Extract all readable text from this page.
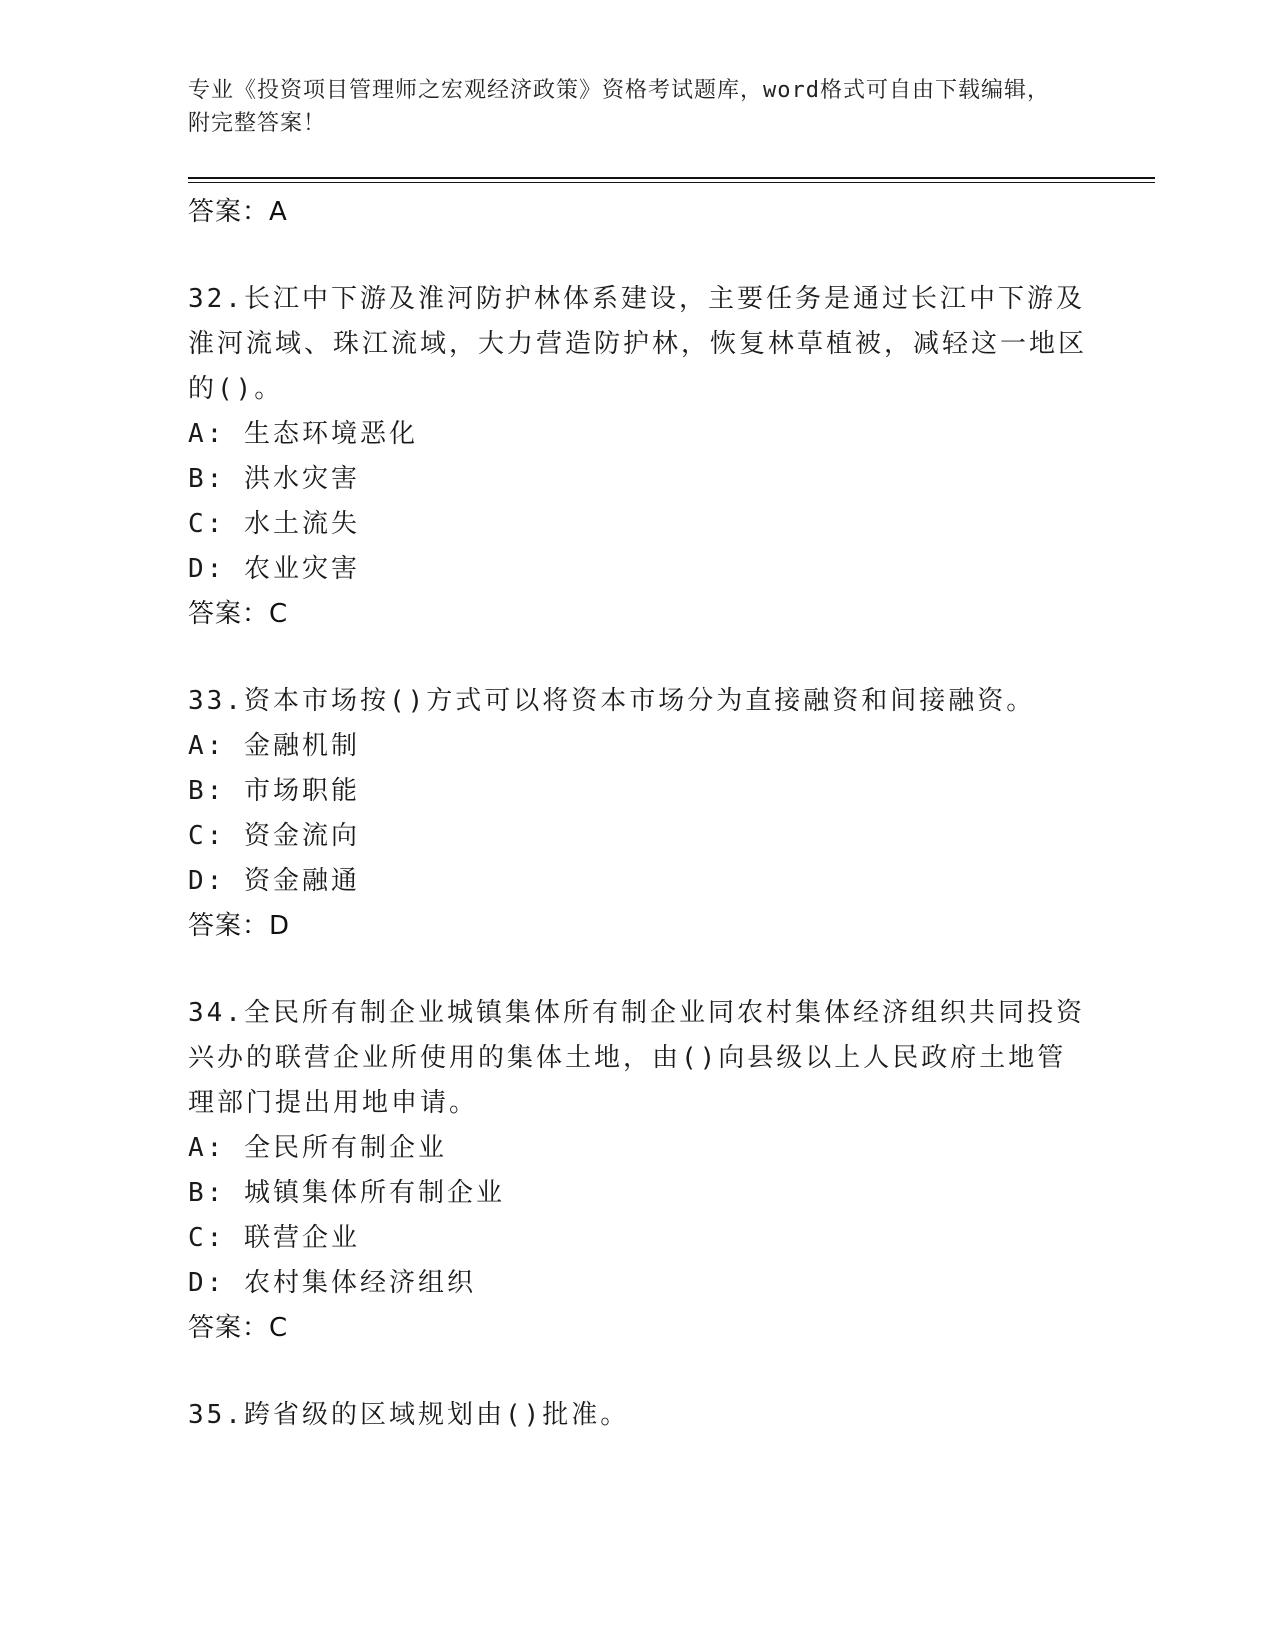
专业《投资项目管理师之宏观经济政策》资格考试题库，word格式可自由下载编辑，附完整答案！
答案：A
32.长江中下游及淮河防护林体系建设，主要任务是通过长江中下游及淮河流域、珠江流域，大力营造防护林，恢复林草植被，减轻这一地区的()。
A: 生态环境恶化
B: 洪水灾害
C: 水土流失
D: 农业灾害
答案：C
33.资本市场按()方式可以将资本市场分为直接融资和间接融资。
A: 金融机制
B: 市场职能
C: 资金流向
D: 资金融通
答案：D
34.全民所有制企业城镇集体所有制企业同农村集体经济组织共同投资兴办的联营企业所使用的集体土地，由()向县级以上人民政府土地管理部门提出用地申请。
A: 全民所有制企业
B: 城镇集体所有制企业
C: 联营企业
D: 农村集体经济组织
答案：C
35.跨省级的区域规划由()批准。
